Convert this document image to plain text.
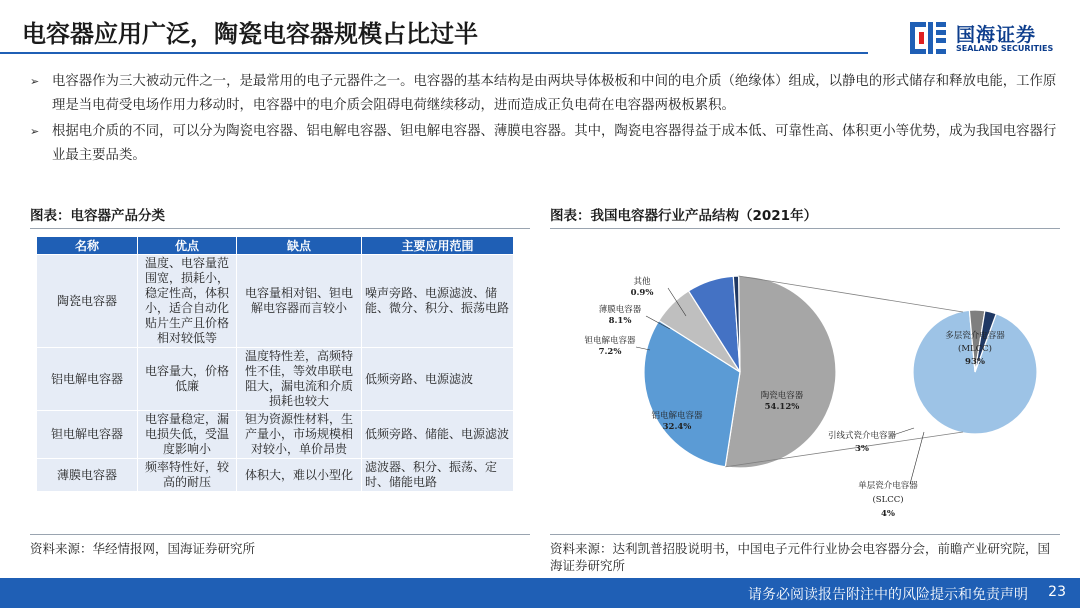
电容器应用广泛，陶瓷电容器规模占比过半	国海证券
SEALAND SECURITIES
➢ 电容器作为三大被动元件之一，是最常用的电子元器件之一。电容器的基本结构是由两块导体极板和中间的电介质（绝缘体）组成，以静电的形式储存和释放电能，工作原理是当电荷受电场作用力移动时，电容器中的电介质会阻碍电荷继续移动，进而造成正负电荷在电容器两极板累积。
➢ 根据电介质的不同，可以分为陶瓷电容器、铝电解电容器、钽电解电容器、薄膜电容器。其中，陶瓷电容器得益于成本低、可靠性高、体积更小等优势，成为我国电容器行业最主要品类。
图表：电容器产品分类
名称	优点	缺点	主要应用范围
陶瓷电容器	温度、电容量范围宽，损耗小，稳定性高，体积小，适合自动化贴片生产且价格相对较低等	电容量相对铝、钽电解电容器而言较小	噪声旁路、电源滤波、储能、微分、积分、振荡电路
铝电解电容器	电容量大，价格低廉	温度特性差，高频特性不佳，等效串联电阻大，漏电流和介质损耗也较大	低频旁路、电源滤波
钽电解电容器	电容量稳定，漏电损失低，受温度影响小	钽为资源性材料，生产量小，市场规模相对较小，单价昂贵	低频旁路、储能、电源滤波
薄膜电容器	频率特性好，较高的耐压	体积大，难以小型化	滤波器、积分、振荡、定时、储能电路
资料来源：华经情报网，国海证券研究所
图表：我国电容器行业产品结构（2021年）
陶瓷电容器
54.12%
铝电解电容器
32.4%
钽电解电容器
7.2%
薄膜电容器
8.1%
其他
0.9%
多层瓷介电容器
(MLCC)
93%
引线式瓷介电容器
3%
单层瓷介电容器
(SLCC)
4%
资料来源：达利凯普招股说明书，中国电子元件行业协会电容器分会，前瞻产业研究院，国海证券研究所
请务必阅读报告附注中的风险提示和免责声明 23
